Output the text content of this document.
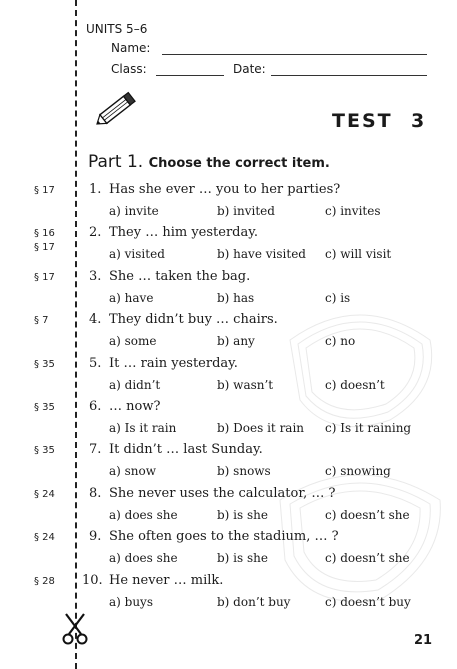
UNITS 5–6
Name:
Class:	Date:
TEST 3
Part 1. Choose the correct item.
§ 17	1. Has she ever … you to her parties?
a) invite	b) invited	c) invites
§ 16
§ 17
2. They … him yesterday.
a) visited	b) have visited c) will visit
§ 17	3. She … taken the bag.
a) have	b) has	c) is
§ 7	4. They didn’t buy … chairs.
a) some	b) any	c) no
§ 35	5. It … rain yesterday.
a) didn’t	b) wasn’t	c) doesn’t
§ 35	6. … now?
a) Is it rain	b) Does it rain c) Is it raining
§ 35	7. It didn’t … last Sunday.
a) snow	b) snows	c) snowing
§ 24	8. She never uses the calculator, … ?
a) does she	b) is she	c) doesn’t she
§ 24	9. She often goes to the stadium, … ?
a) does she	b) is she	c) doesn’t she
§ 28 10. He never … milk.
a) buys	b) don’t buy	c) doesn’t buy
21
